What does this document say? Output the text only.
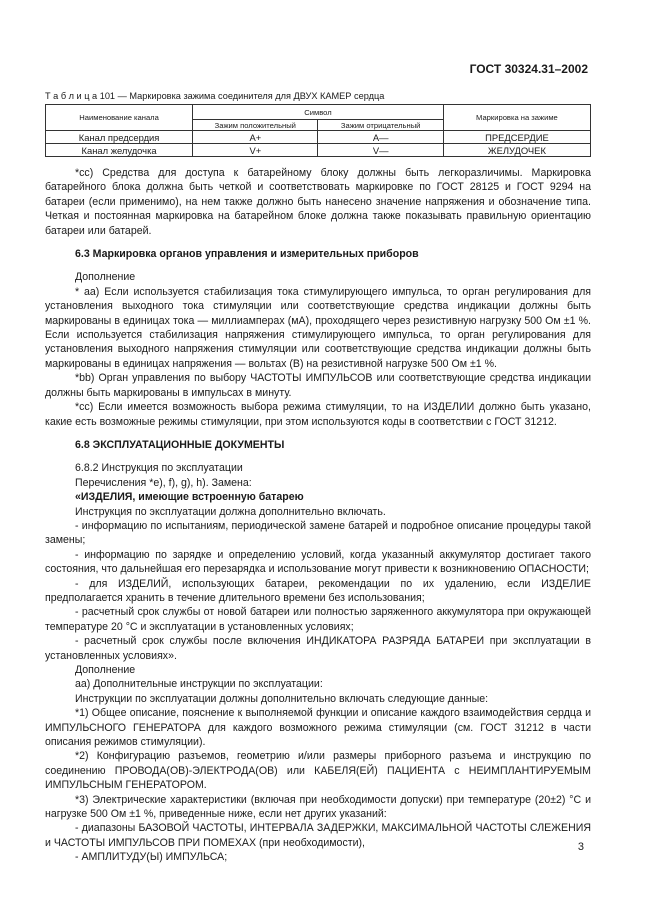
ГОСТ 30324.31–2002
Т а б л и ц а 101 — Маркировка зажима соединителя для ДВУХ КАМЕР сердца
Наименование канала	Символ		Маркировка на зажиме
	Зажим положительный	Зажим отрицательный	
Канал предсердия	A+	A—	ПРЕДСЕРДИЕ
Канал желудочка	V+	V—	ЖЕЛУДОЧЕК

*cc) Средства для доступа к батарейному блоку должны быть легкоразличимы. Маркировка батарейного блока должна быть четкой и соответствовать маркировке по ГОСТ 28125 и ГОСТ 9294 на батареи (если применимо), на нем также должно быть нанесено значение напряжения и обозначение типа. Четкая и постоянная маркировка на батарейном блоке должна также показывать правильную ориентацию батареи или батарей.

6.3 Маркировка органов управления и измерительных приборов

Дополнение

* aa) Если используется стабилизация тока стимулирующего импульса, то орган регулирования для установления выходного тока стимуляции или соответствующие средства индикации должны быть маркированы в единицах тока — миллиамперах (мА), проходящего через резистивную нагрузку 500 Ом ±1 %. Если используется стабилизация напряжения стимулирующего импульса, то орган регулирования для установления выходного напряжения стимуляции или соответствующие средства индикации должны быть маркированы в единицах напряжения — вольтах (В) на резистивной нагрузке 500 Ом ±1 %.

*bb) Орган управления по выбору ЧАСТОТЫ ИМПУЛЬСОВ или соответствующие средства индикации должны быть маркированы в импульсах в минуту.

*cc) Если имеется возможность выбора режима стимуляции, то на ИЗДЕЛИИ должно быть указано, какие есть возможные режимы стимуляции, при этом используются коды в соответствии с ГОСТ 31212.

6.8 ЭКСПЛУАТАЦИОННЫЕ ДОКУМЕНТЫ

6.8.2 Инструкция по эксплуатации

Перечисления *e), f), g), h). Замена:

«ИЗДЕЛИЯ, имеющие встроенную батарею

Инструкция по эксплуатации должна дополнительно включать.

- информацию по испытаниям, периодической замене батарей и подробное описание процедуры такой замены;

- информацию по зарядке и определению условий, когда указанный аккумулятор достигает такого состояния, что дальнейшая его перезарядка и использование могут привести к возникновению ОПАСНОСТИ;

- для ИЗДЕЛИЙ, использующих батареи, рекомендации по их удалению, если ИЗДЕЛИЕ предполагается хранить в течение длительного времени без использования;

- расчетный срок службы от новой батареи или полностью заряженного аккумулятора при окружающей температуре 20 °C и эксплуатации в установленных условиях;

- расчетный срок службы после включения ИНДИКАТОРА РАЗРЯДА БАТАРЕИ при эксплуатации в установленных условиях».

Дополнение

aa) Дополнительные инструкции по эксплуатации:

Инструкции по эксплуатации должны дополнительно включать следующие данные:

*1) Общее описание, пояснение к выполняемой функции и описание каждого взаимодействия сердца и ИМПУЛЬСНОГО ГЕНЕРАТОРА для каждого возможного режима стимуляции (см. ГОСТ 31212 в части описания режимов стимуляции).

*2) Конфигурацию разъемов, геометрию и/или размеры приборного разъема и инструкцию по соединению ПРОВОДА(ОВ)-ЭЛЕКТРОДА(ОВ) или КАБЕЛЯ(ЕЙ) ПАЦИЕНТА с НЕИМПЛАНТИРУЕМЫМ ИМПУЛЬСНЫМ ГЕНЕРАТОРОМ.

*3) Электрические характеристики (включая при необходимости допуски) при температуре (20±2) °C и нагрузке 500 Ом ±1 %, приведенные ниже, если нет других указаний:

- диапазоны БАЗОВОЙ ЧАСТОТЫ, ИНТЕРВАЛА ЗАДЕРЖКИ, МАКСИМАЛЬНОЙ ЧАСТОТЫ СЛЕЖЕНИЯ и ЧАСТОТЫ ИМПУЛЬСОВ ПРИ ПОМЕХАХ (при необходимости),

- АМПЛИТУДУ(Ы) ИМПУЛЬСА;

3
